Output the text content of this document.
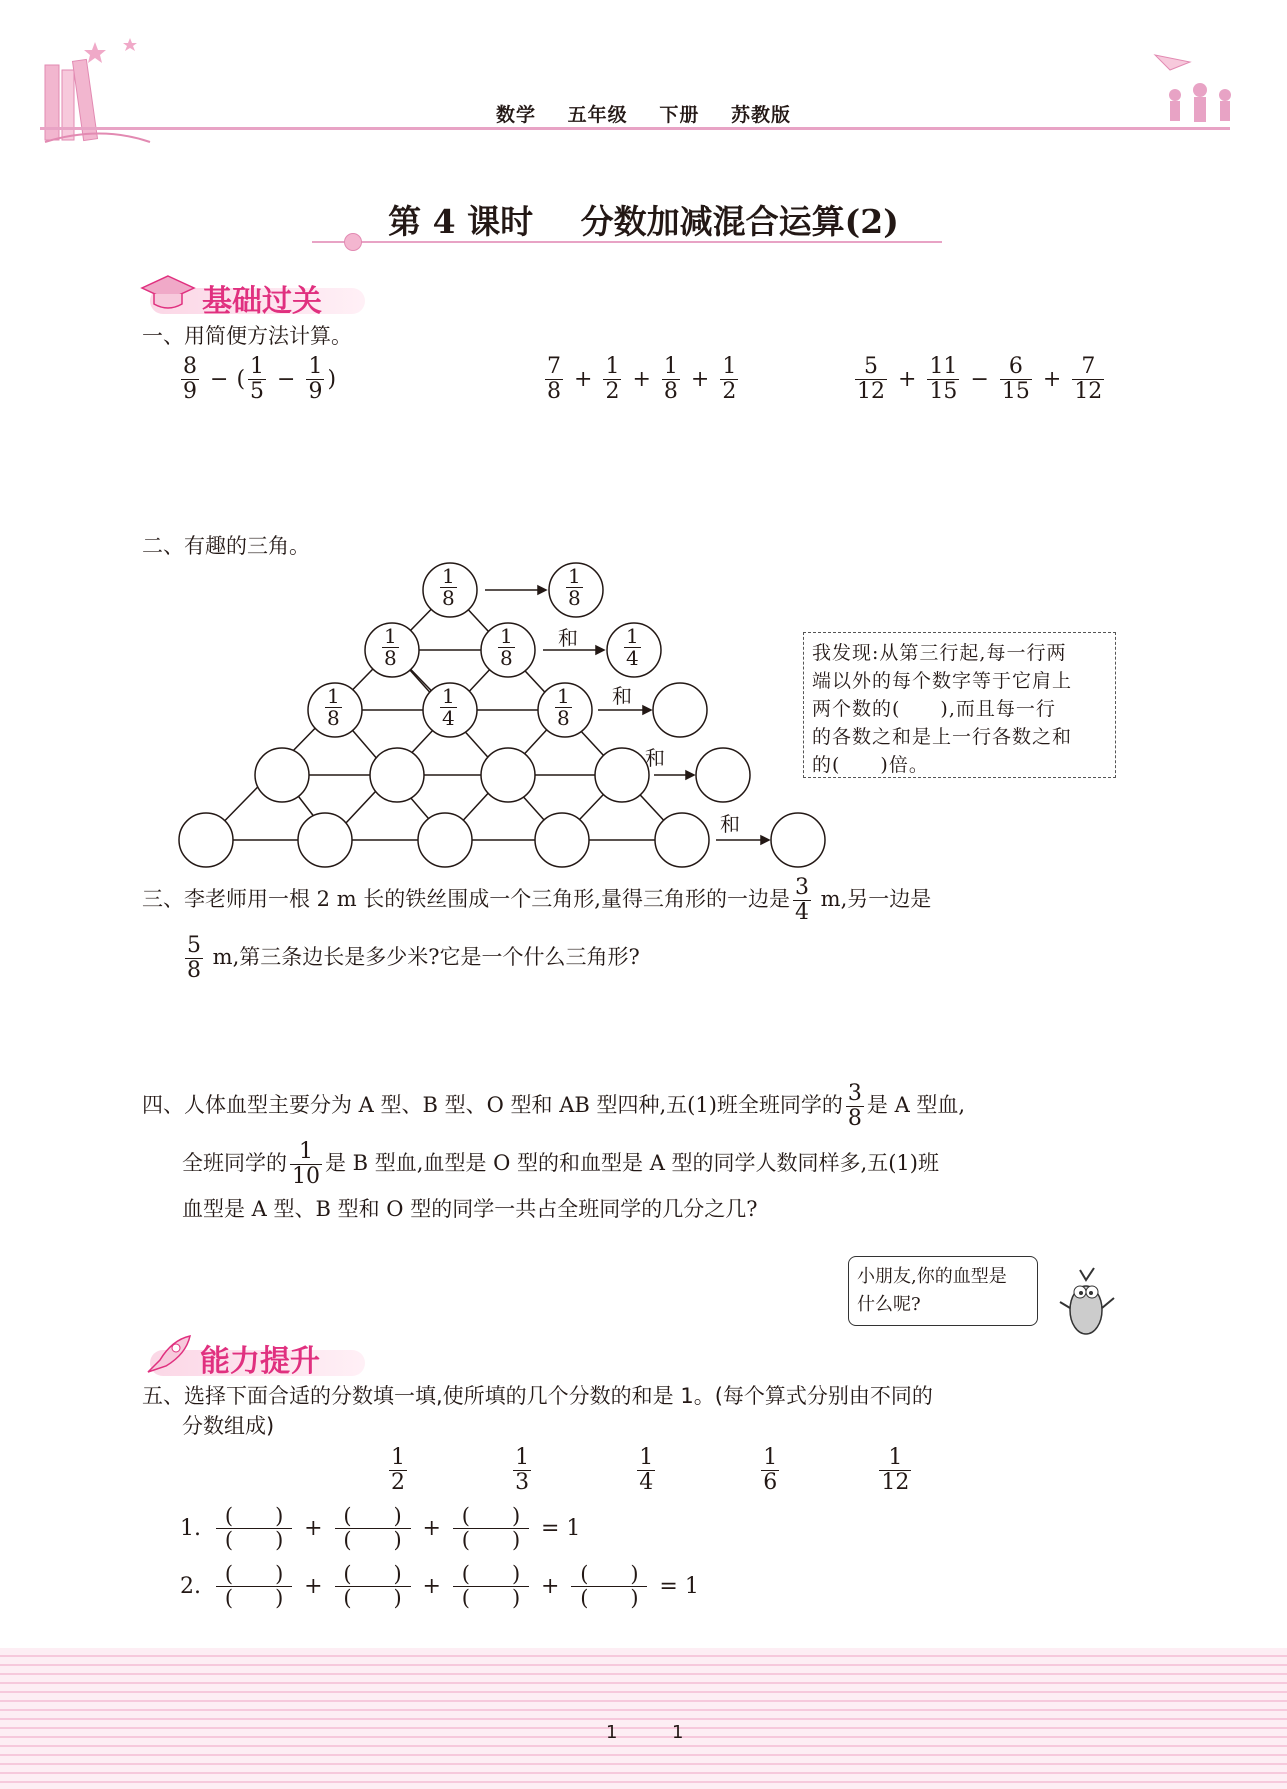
数学 五年级 下册 苏教版
第 4 课时 分数加减混合运算(2)
基础过关
一、用简便方法计算。
$\frac{8}{9}$ − ( $\frac{1}{5} - \frac{1}{9}$ )	$\frac{7}{8} + \frac{1}{2} + \frac{1}{8} + \frac{1}{2}$	$\frac{5}{12} + \frac{11}{15} - \frac{6}{15} + \frac{7}{12}$
二、有趣的三角。
$\frac{1}{8}$	$\frac{1}{8}$
$\frac{1}{8}$	$\frac{1}{8}$	$\frac{1}{4}$
$\frac{1}{8}$	$\frac{1}{4}$	$\frac{1}{8}$
和
和
和
和
我发现:从第三行起,每一行两
端以外的每个数字等于它肩上
两个数的(　　),而且每一行
的各数之和是上一行各数之和
的(　　)倍。
三、李老师用一根 2 m 长的铁丝围成一个三角形,量得三角形的一边是 $\frac{3}{4} m$,另一边是
$\frac{5}{8} m$,第三条边长是多少米?它是一个什么三角形?
四、人体血型主要分为 A 型、B 型、O 型和 AB 型四种,五(1)班全班同学的 $\frac{3}{8}$ 是 A 型血,
全班同学的 $\frac{1}{10}$ 是 B 型血,血型是 O 型的和血型是 A 型的同学人数同样多,五(1)班
血型是 A 型、B 型和 O 型的同学一共占全班同学的几分之几?
小朋友,你的血型是
什么呢?
能力提升
五、选择下面合适的分数填一填,使所填的几个分数的和是 1。(每个算式分别由不同的
分数组成)
$\frac{1}{2}$
	$\frac{1}{3}$
	$\frac{1}{4}$
	$\frac{1}{6}$
	$\frac{1}{12}$
1. $\frac{( )}{( )} + \frac{( )}{( )} + \frac{( )}{( )} = 1$
2. $\frac{( )}{( )} + \frac{( )}{( )} + \frac{( )}{( )} + \frac{( )}{( )} = 1$
1	1
